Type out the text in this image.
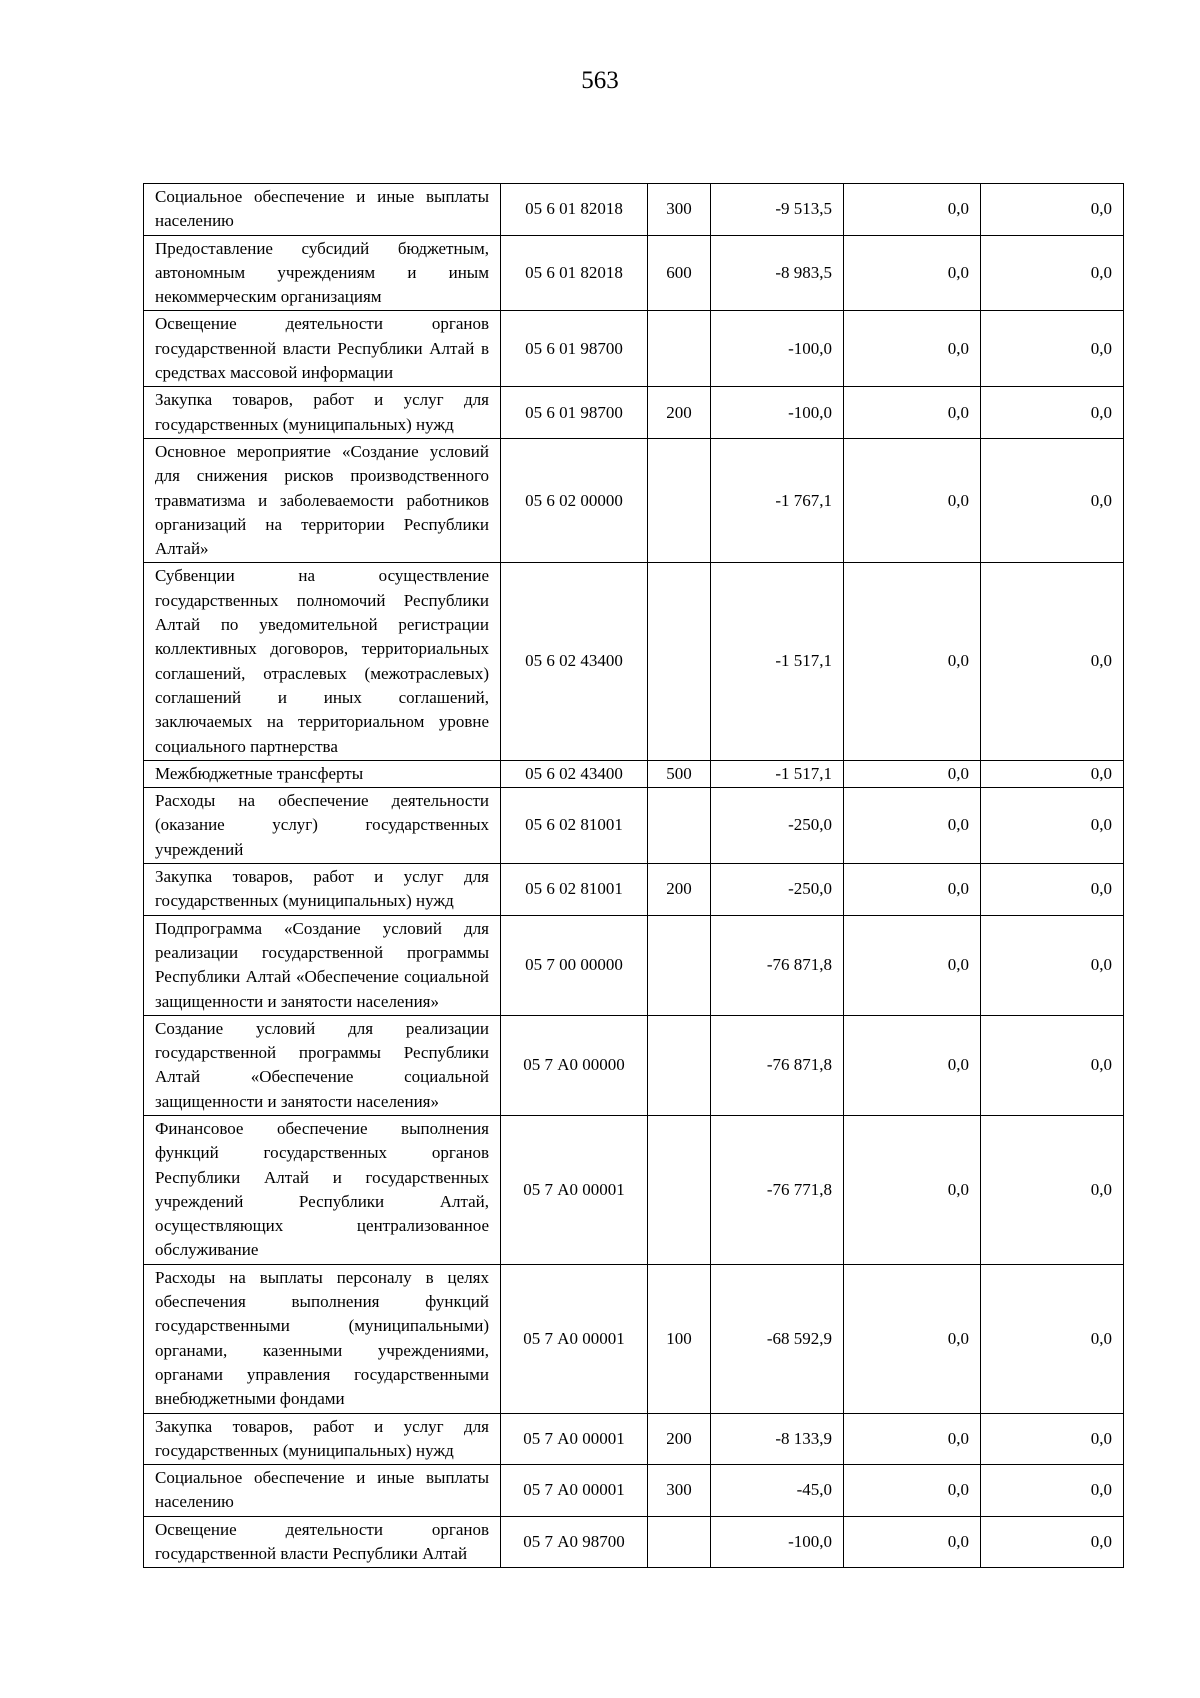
563
Социальное обеспечение и иные выплаты населению	05 6 01 82018	300	-9 513,5	0,0	0,0
Предоставление субсидий бюджетным, автономным учреждениям и иным некоммерческим организациям	05 6 01 82018	600	-8 983,5	0,0	0,0
Освещение деятельности органов государственной власти Республики Алтай в средствах массовой информации	05 6 01 98700		-100,0	0,0	0,0
Закупка товаров, работ и услуг для государственных (муниципальных) нужд	05 6 01 98700	200	-100,0	0,0	0,0
Основное мероприятие «Создание условий для снижения рисков производственного травматизма и заболеваемости работников организаций на территории Республики Алтай»	05 6 02 00000		-1 767,1	0,0	0,0
Субвенции на осуществление государственных полномочий Республики Алтай по уведомительной регистрации коллективных договоров, территориальных соглашений, отраслевых (межотраслевых) соглашений и иных соглашений, заключаемых на территориальном уровне социального партнерства	05 6 02 43400		-1 517,1	0,0	0,0
Межбюджетные трансферты	05 6 02 43400	500	-1 517,1	0,0	0,0
Расходы на обеспечение деятельности (оказание услуг) государственных учреждений	05 6 02 81001		-250,0	0,0	0,0
Закупка товаров, работ и услуг для государственных (муниципальных) нужд	05 6 02 81001	200	-250,0	0,0	0,0
Подпрограмма «Создание условий для реализации государственной программы Республики Алтай «Обеспечение социальной защищенности и занятости населения»	05 7 00 00000		-76 871,8	0,0	0,0
Создание условий для реализации государственной программы Республики Алтай «Обеспечение социальной защищенности и занятости населения»	05 7 А0 00000		-76 871,8	0,0	0,0
Финансовое обеспечение выполнения функций государственных органов Республики Алтай и государственных учреждений Республики Алтай, осуществляющих централизованное обслуживание	05 7 А0 00001		-76 771,8	0,0	0,0
Расходы на выплаты персоналу в целях обеспечения выполнения функций государственными (муниципальными) органами, казенными учреждениями, органами управления государственными внебюджетными фондами	05 7 А0 00001	100	-68 592,9	0,0	0,0
Закупка товаров, работ и услуг для государственных (муниципальных) нужд	05 7 А0 00001	200	-8 133,9	0,0	0,0
Социальное обеспечение и иные выплаты населению	05 7 А0 00001	300	-45,0	0,0	0,0
Освещение деятельности органов государственной власти Республики Алтай	05 7 А0 98700		-100,0	0,0	0,0
